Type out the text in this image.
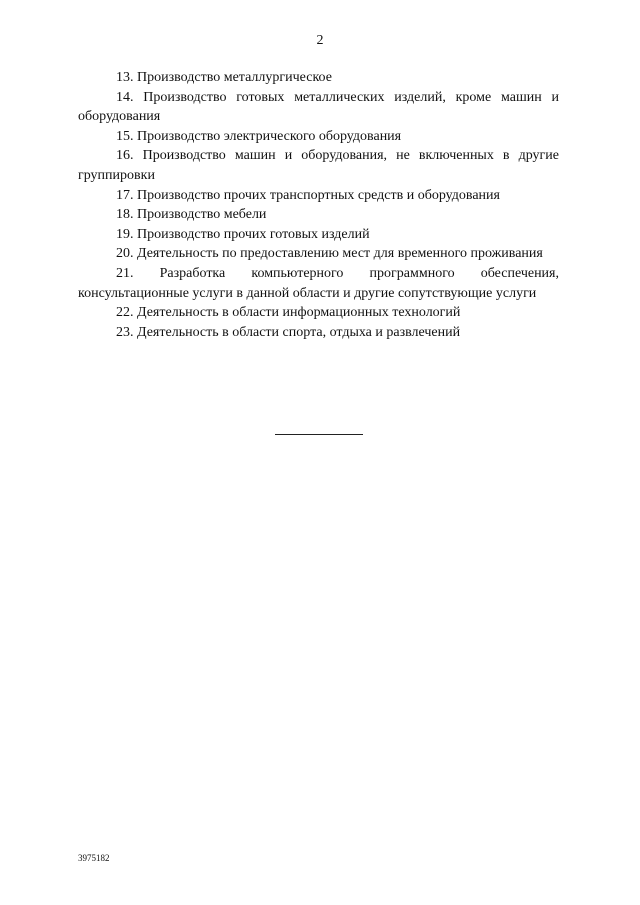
2

13. Производство металлургическое

14. Производство готовых металлических изделий, кроме машин и оборудования

15. Производство электрического оборудования

16. Производство машин и оборудования, не включенных в другие группировки

17. Производство прочих транспортных средств и оборудования

18. Производство мебели

19. Производство прочих готовых изделий

20. Деятельность по предоставлению мест для временного проживания

21. Разработка компьютерного программного обеспечения, консультационные услуги в данной области и другие сопутствующие услуги

22. Деятельность в области информационных технологий

23. Деятельность в области спорта, отдыха и развлечений

3975182
